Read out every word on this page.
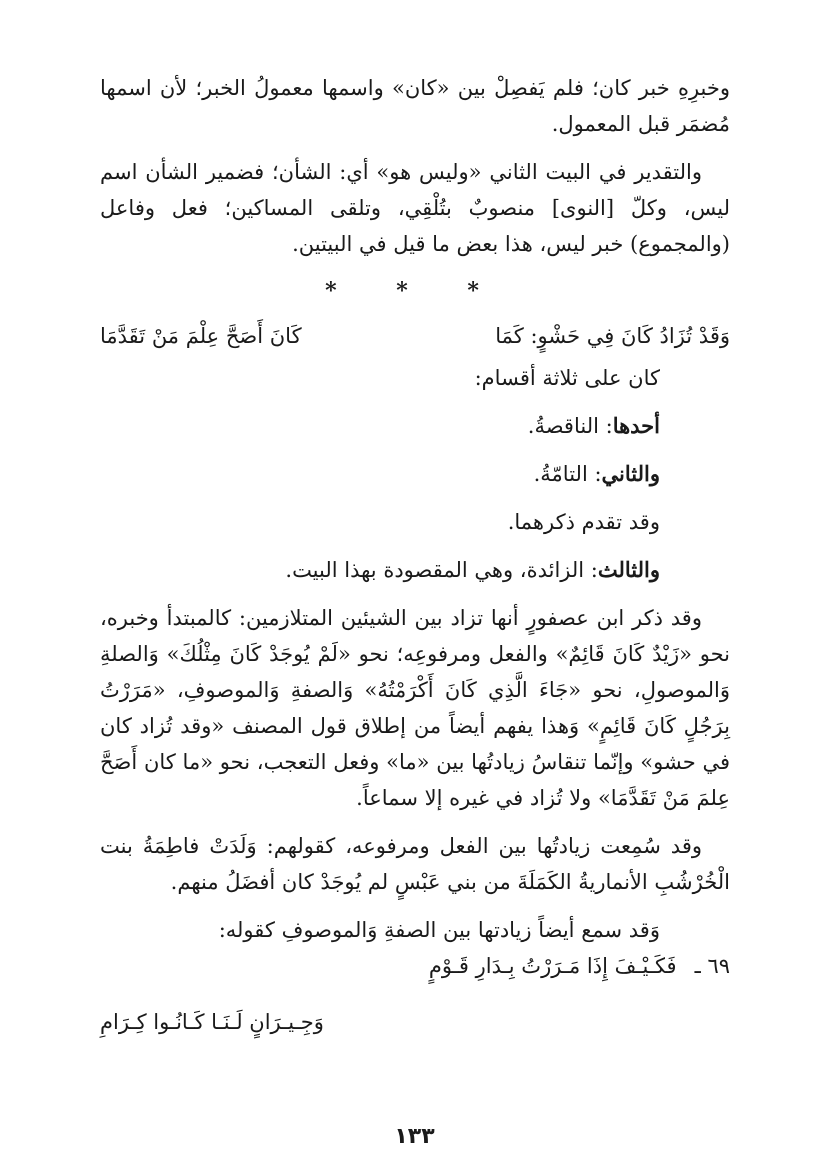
وخبرِهِ خبر كان؛ فلم يَفصِلْ بين «كان» واسمها معمولُ الخبر؛ لأن اسمها مُضمَر قبل المعمول.

والتقدير في البيت الثاني «وليس هو» أي: الشأن؛ فضمير الشأن اسم ليس، وكلّ [النوى] منصوبٌ بتُلْقِي، وتلقى المساكين؛ فعل وفاعل (والمجموع) خبر ليس، هذا بعض ما قيل في البيتين.

* * *
وَقَدْ تُزَادُ كَانَ فِي حَشْوٍ: كَمَا
كَانَ أَصَحَّ عِلْمَ مَنْ تَقَدَّمَا

كان على ثلاثة أقسام:

أحدها: الناقصةُ.

والثاني: التامّةُ.

وقد تقدم ذكرهما.

والثالث: الزائدة، وهي المقصودة بهذا البيت.

وقد ذكر ابن عصفورٍ أنها تزاد بين الشيئين المتلازمين: كالمبتدأ وخبره، نحو «زَيْدٌ كَانَ قَائِمٌ» والفعل ومرفوعِه؛ نحو «لَمْ يُوجَدْ كَانَ مِثْلُكَ» وَالصلةِ وَالموصولِ، نحو «جَاءَ الَّذِي كَانَ أَكْرَمْتُهُ» وَالصفةِ وَالموصوفِ، «مَرَرْتُ بِرَجُلٍ كَانَ قَائِمٍ» وَهذا يفهم أيضاً من إطلاق قول المصنف «وقد تُزاد كان في حشو» وإنّما تنقاسُ زيادتُها بين «ما» وفعل التعجب، نحو «ما كان أَصَحَّ عِلمَ مَنْ تَقَدَّمَا» ولا تُزاد في غيره إلا سماعاً.

وقد سُمِعت زيادتُها بين الفعل ومرفوعه، كقولهم: وَلَدَتْ فاطِمَةُ بنت الْخُرْشُبِ الأنماريةُ الكَمَلَةَ من بني عَبْسٍ لم يُوجَدْ كان أفضَلُ منهم.

وَقد سمع أيضاً زيادتها بين الصفةِ وَالموصوفِ كقوله:

٦٩ ـ
فَكَـيْـفَ إِذَا مَـرَرْتُ بِـدَارِ قَـوْمٍ
وَجِـيـرَانٍ لَـنَـا كَـانُـوا كِـرَامِ
١٣٣
